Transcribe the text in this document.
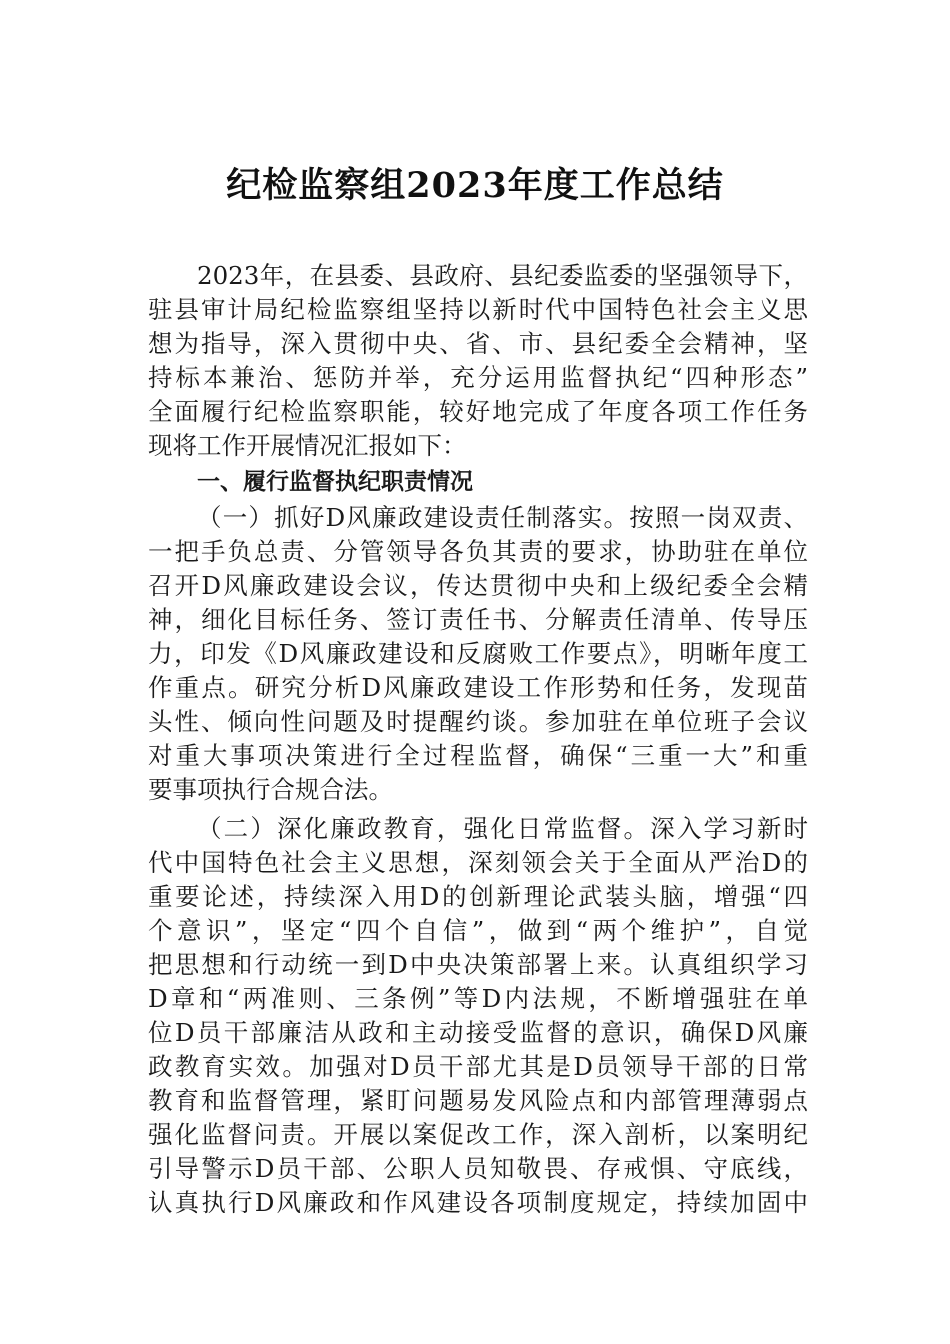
纪检监察组2023年度工作总结
2023年，在县委、县政府、县纪委监委的坚强领导下，
驻县审计局纪检监察组坚持以新时代中国特色社会主义思
想为指导，深入贯彻中央、省、市、县纪委全会精神，坚
持标本兼治、惩防并举，充分运用监督执纪“四种形态”
全面履行纪检监察职能，较好地完成了年度各项工作任务
现将工作开展情况汇报如下：
一、履行监督执纪职责情况
（一）抓好D风廉政建设责任制落实。按照一岗双责、
一把手负总责、分管领导各负其责的要求，协助驻在单位
召开D风廉政建设会议，传达贯彻中央和上级纪委全会精
神，细化目标任务、签订责任书、分解责任清单、传导压
力，印发《D风廉政建设和反腐败工作要点》，明晰年度工
作重点。研究分析D风廉政建设工作形势和任务，发现苗
头性、倾向性问题及时提醒约谈。参加驻在单位班子会议
对重大事项决策进行全过程监督，确保“三重一大”和重
要事项执行合规合法。
（二）深化廉政教育，强化日常监督。深入学习新时
代中国特色社会主义思想，深刻领会关于全面从严治D的
重要论述，持续深入用D的创新理论武装头脑，增强“四
个意识”，坚定“四个自信”，做到“两个维护”，自觉
把思想和行动统一到D中央决策部署上来。认真组织学习
D章和“两准则、三条例”等D内法规，不断增强驻在单
位D员干部廉洁从政和主动接受监督的意识，确保D风廉
政教育实效。加强对D员干部尤其是D员领导干部的日常
教育和监督管理，紧盯问题易发风险点和内部管理薄弱点
强化监督问责。开展以案促改工作，深入剖析，以案明纪
引导警示D员干部、公职人员知敬畏、存戒惧、守底线，
认真执行D风廉政和作风建设各项制度规定，持续加固中
